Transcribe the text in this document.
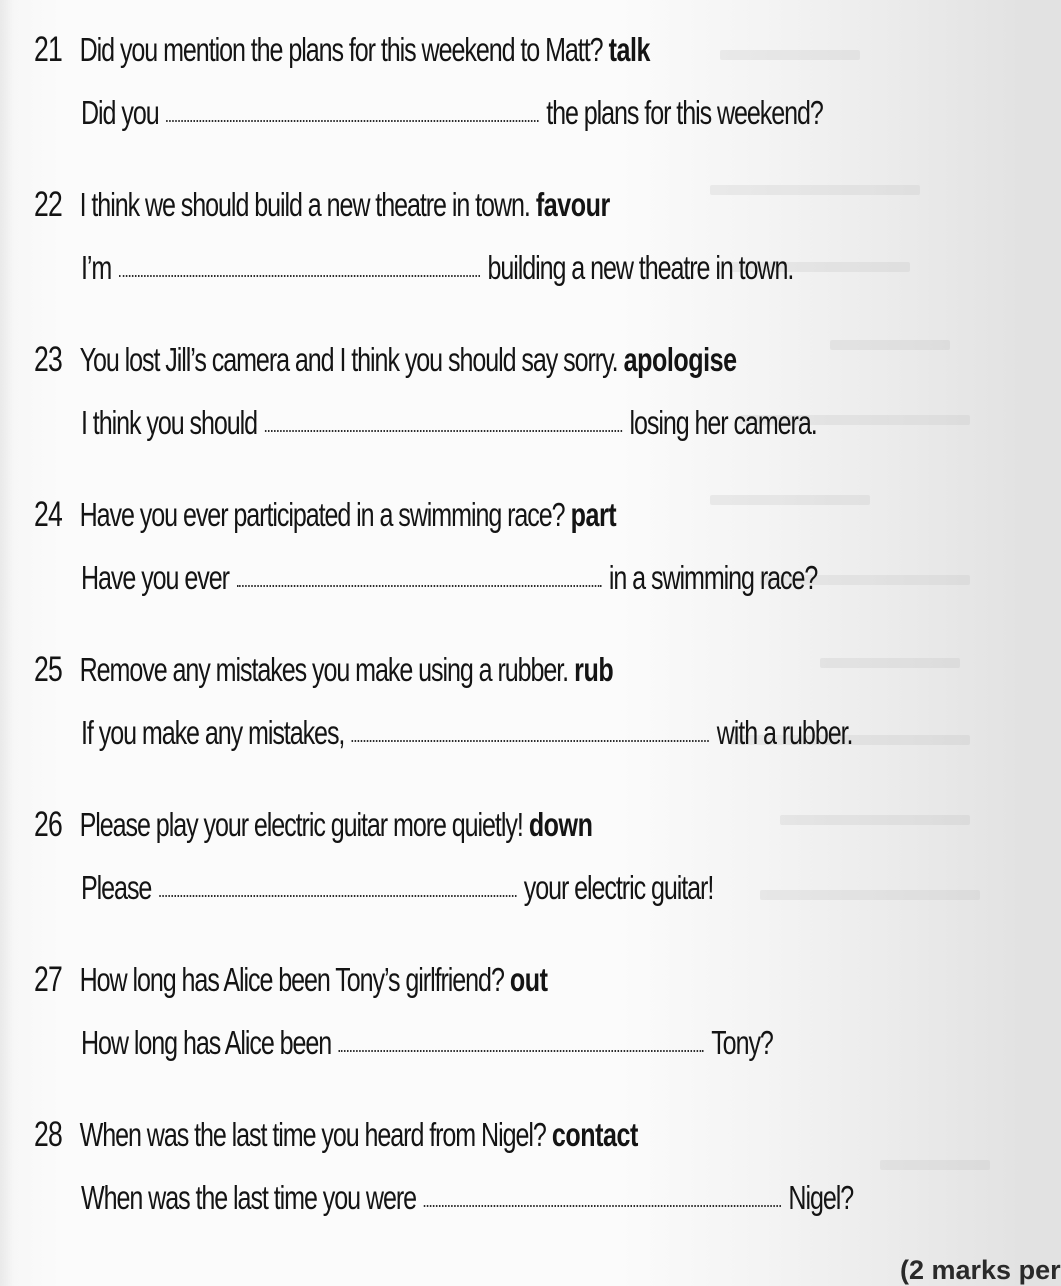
21 Did you mention the plans for this weekend to Matt? talk
Did you	the plans for this weekend?
22 I think we should build a new theatre in town. favour
I’m	building a new theatre in town.
23 You lost Jill’s camera and I think you should say sorry. apologise
I think you should	losing her camera.
24 Have you ever participated in a swimming race? part
Have you ever	in a swimming race?
25 Remove any mistakes you make using a rubber. rub
If you make any mistakes,	with a rubber.
26 Please play your electric guitar more quietly! down
Please	your electric guitar!
27 How long has Alice been Tony’s girlfriend? out
How long has Alice been	Tony?
28 When was the last time you heard from Nigel? contact
When was the last time you were	Nigel?
(2 marks per
